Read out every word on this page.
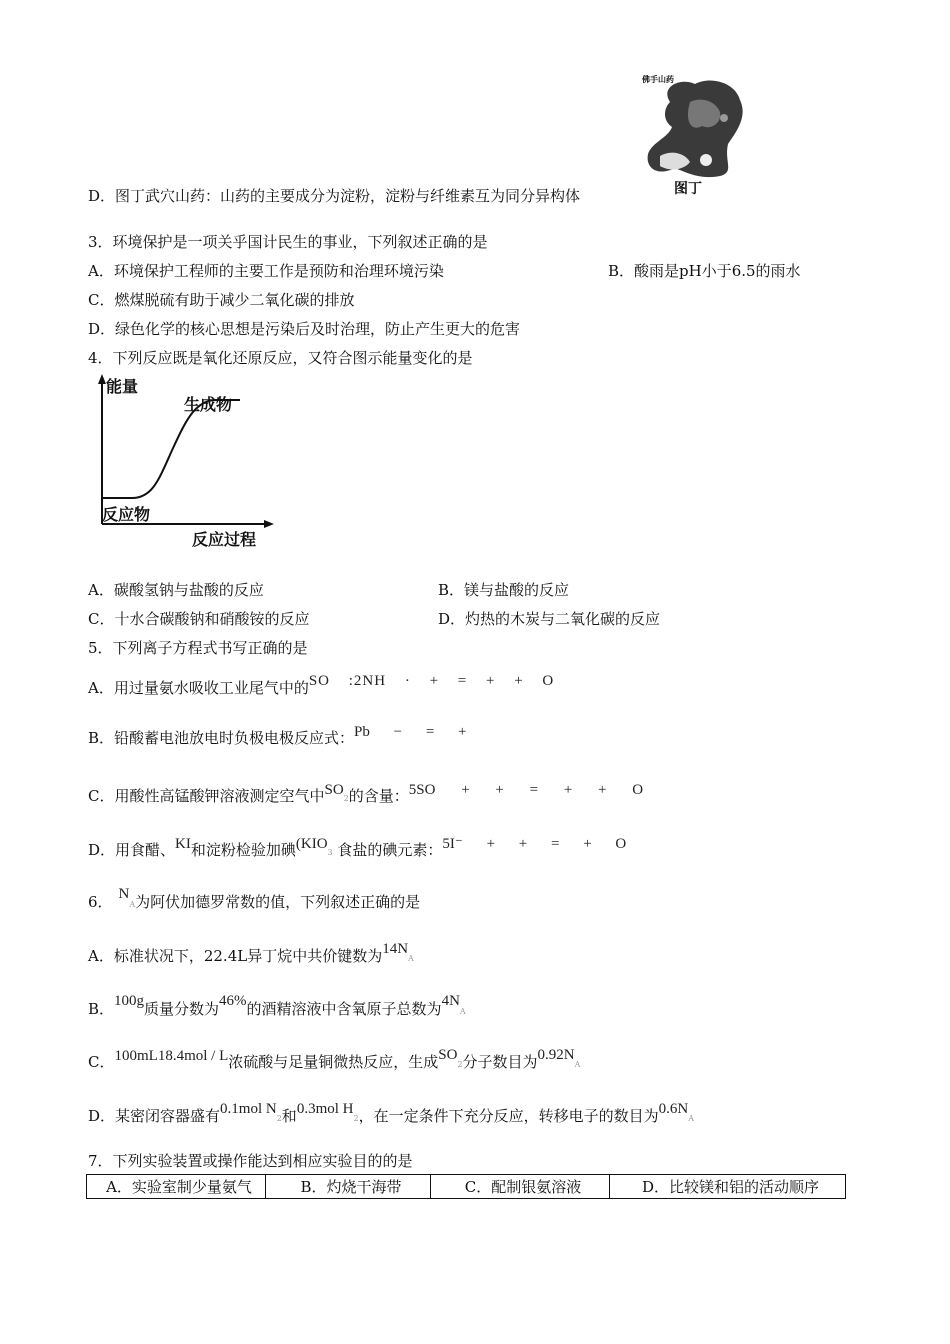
佛手山药
图丁
D．图丁武穴山药：山药的主要成分为淀粉，淀粉与纤维素互为同分异构体
3．环境保护是一项关乎国计民生的事业，下列叙述正确的是
A．环境保护工程师的主要工作是预防和治理环境污染	B．酸雨是pH小于6.5的雨水
C．燃煤脱硫有助于减少二氧化碳的排放
D．绿色化学的核心思想是污染后及时治理，防止产生更大的危害
4．下列反应既是氧化还原反应，又符合图示能量变化的是
能量
生成物
反应物
反应过程
A．碳酸氢钠与盐酸的反应	B．镁与盐酸的反应
C．十水合碳酸钠和硝酸铵的反应	D．灼热的木炭与二氧化碳的反应
5．下列离子方程式书写正确的是
A．用过量氨水吸收工业尾气中的SO :2NH · + = + + O
B．铅酸蓄电池放电时负极电极反应式：Pb − = +
C．用酸性高锰酸钾溶液测定空气中SO2的含量：5SO + + = + + O
D．用食醋、KI和淀粉检验加碘(KIO3 食盐的碘元素：5I⁻ + + = + O
6． NA为阿伏加德罗常数的值，下列叙述正确的是
A．标准状况下，22.4L异丁烷中共价键数为14NA
B．100g质量分数为46%的酒精溶液中含氧原子总数为4NA
C．100mL18.4mol / L浓硫酸与足量铜微热反应，生成SO2分子数目为0.92NA
D．某密闭容器盛有0.1mol N2和0.3mol H2，在一定条件下充分反应，转移电子的数目为0.6NA
7．下列实验装置或操作能达到相应实验目的的是
A．实验室制少量氨气	B．灼烧干海带	C．配制银氨溶液	D．比较镁和铝的活动顺序
